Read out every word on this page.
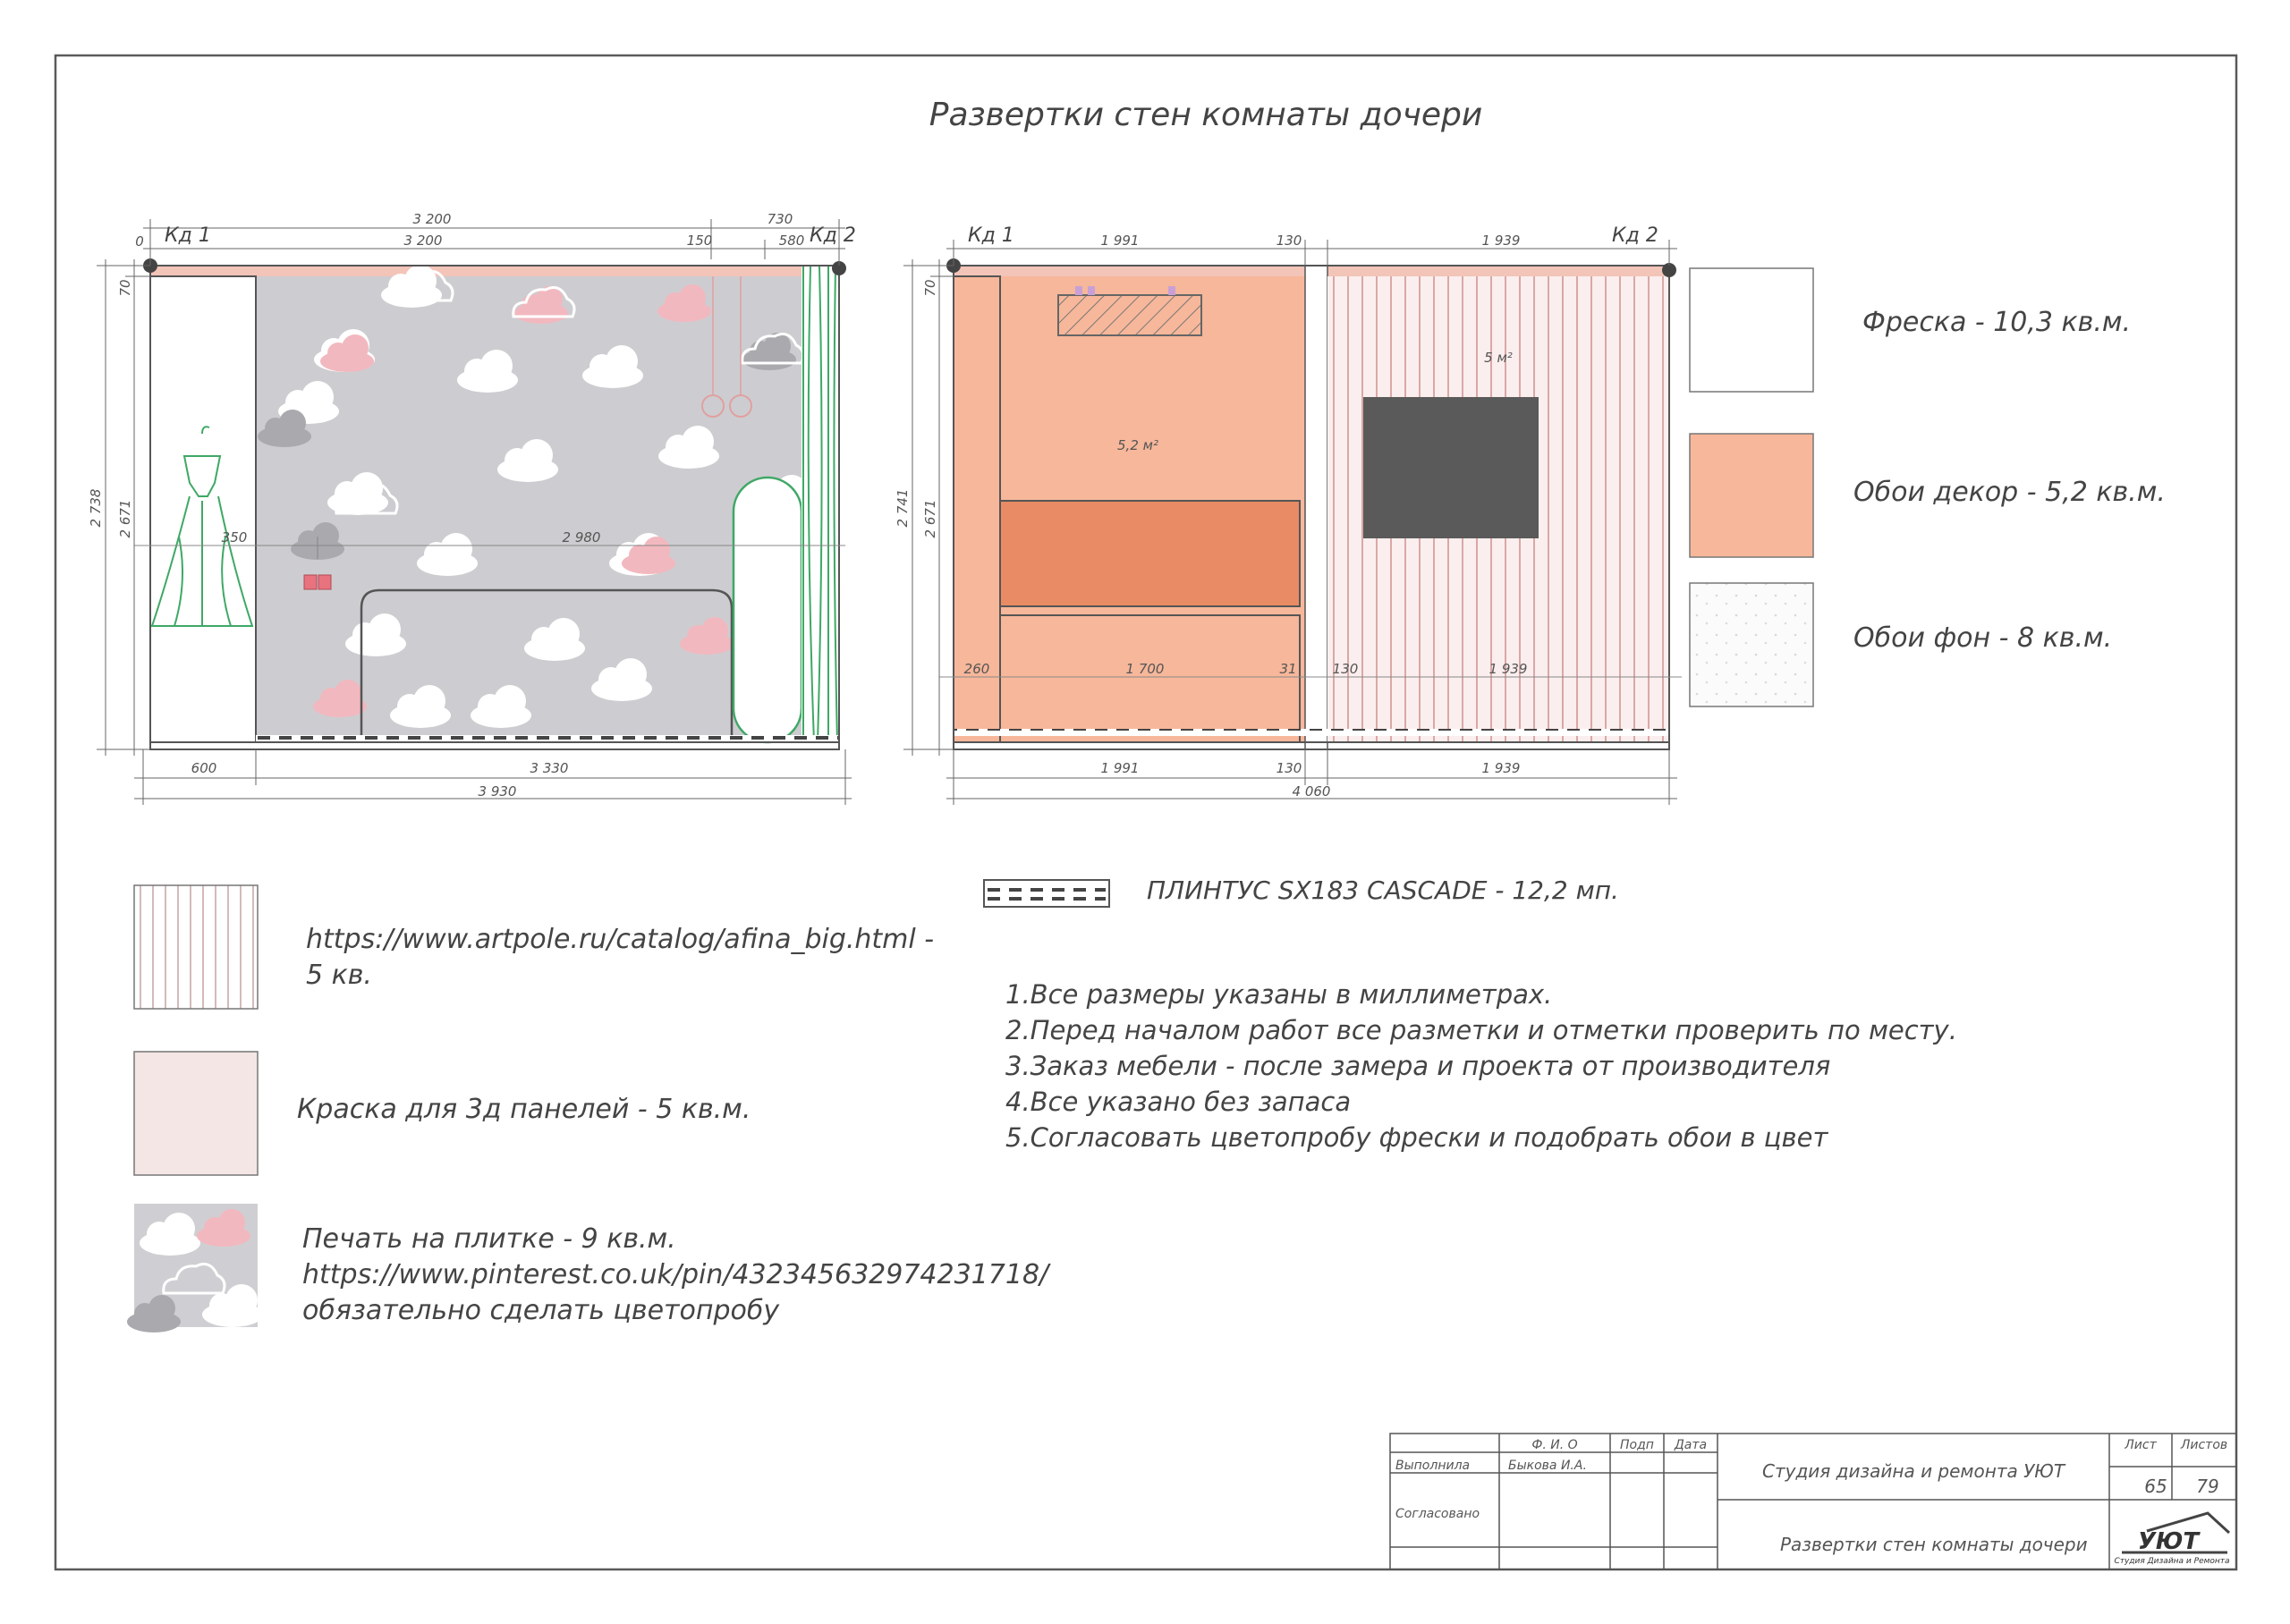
Развертки стен комнаты дочери
3 200
3 200
730
150	580
0 Кд 1	Кд 2
2 738 2 671
70
350	2 980
600	3 330
3 930
5,2 м²
5 м²
260	1 700	31	130	1 939
1 991	130	1 939
Кд 1	Кд 2
2 741 2 671
70
1 991	130	1 939
4 060
Фреска - 10,3 кв.м.
Обои декор - 5,2 кв.м.
Обои фон - 8 кв.м.
https://www.artpole.ru/catalog/afina_big.html -
5 кв.
Краска для 3д панелей - 5 кв.м.
Печать на плитке - 9 кв.м.
https://www.pinterest.co.uk/pin/432345632974231718/
обязательно сделать цветопробу
ПЛИНТУС SX183 CASCADE - 12,2 мп.
1.Все размеры указаны в миллиметрах.
2.Перед началом работ все разметки и отметки проверить по месту.
3.Заказ мебели - после замера и проекта от производителя
4.Все указано без запаса
5.Согласовать цветопробу фрески и подобрать обои в цвет
Ф. И. О	Подп Дата
Выполнила	Быкова И.А.
Согласовано
Студия дизайна и ремонта УЮТ
Развертки стен комнаты дочери
Лист Листов
65 79
УЮТ
Студия Дизайна и Ремонта
